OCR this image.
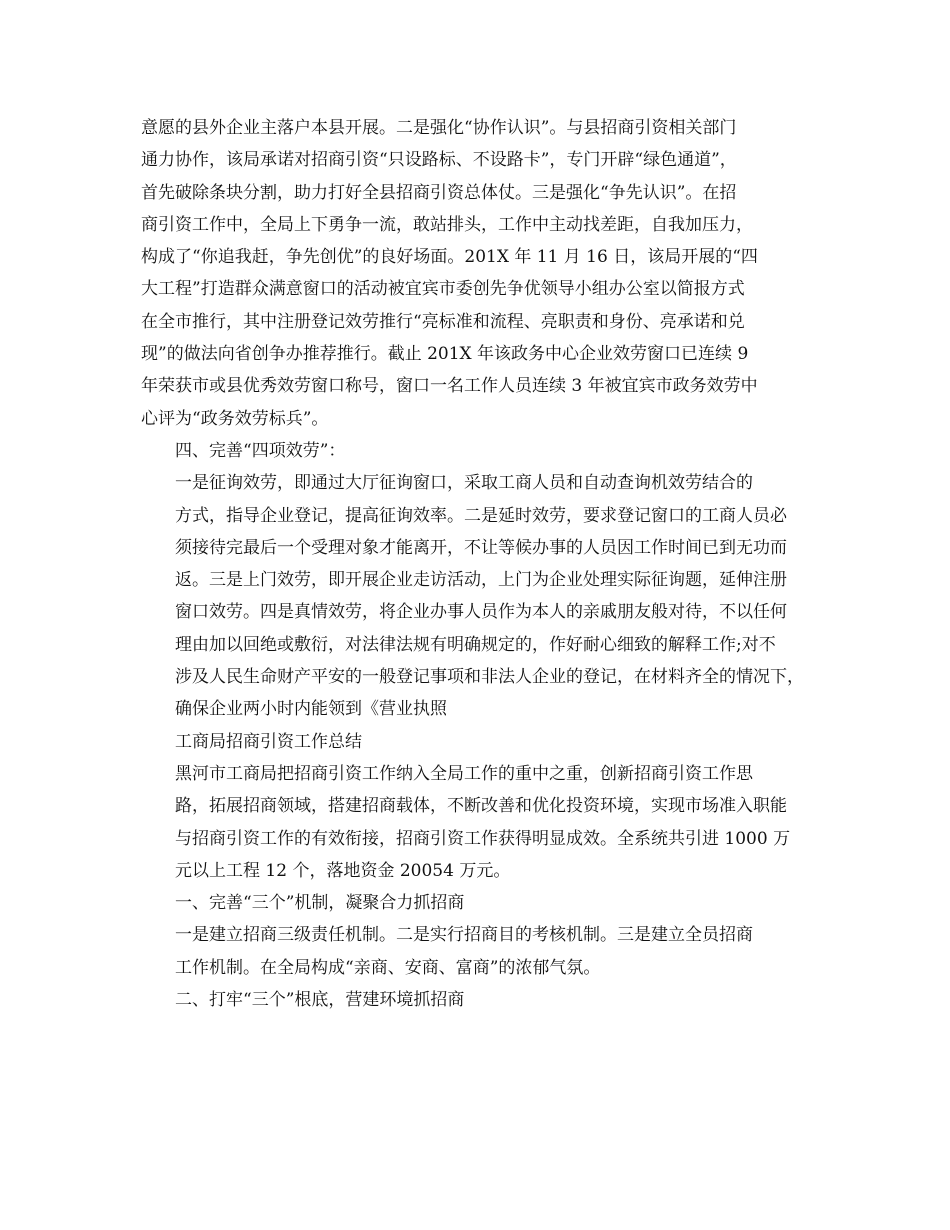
意愿的县外企业主落户本县开展。二是强化“协作认识”。与县招商引资相关部门
通力协作，该局承诺对招商引资“只设路标、不设路卡”，专门开辟“绿色通道”，
首先破除条块分割，助力打好全县招商引资总体仗。三是强化“争先认识”。在招
商引资工作中，全局上下勇争一流，敢站排头，工作中主动找差距，自我加压力，
构成了“你追我赶，争先创优”的良好场面。201X 年 11 月 16 日，该局开展的“四
大工程”打造群众满意窗口的活动被宜宾市委创先争优领导小组办公室以简报方式
在全市推行，其中注册登记效劳推行“亮标准和流程、亮职责和身份、亮承诺和兑
现”的做法向省创争办推荐推行。截止 201X 年该政务中心企业效劳窗口已连续 9
年荣获市或县优秀效劳窗口称号，窗口一名工作人员连续 3 年被宜宾市政务效劳中
心评为“政务效劳标兵”。
四、完善“四项效劳”：
一是征询效劳，即通过大厅征询窗口，采取工商人员和自动查询机效劳结合的
方式，指导企业登记，提高征询效率。二是延时效劳，要求登记窗口的工商人员必
须接待完最后一个受理对象才能离开，不让等候办事的人员因工作时间已到无功而
返。三是上门效劳，即开展企业走访活动，上门为企业处理实际征询题，延伸注册
窗口效劳。四是真情效劳，将企业办事人员作为本人的亲戚朋友般对待，不以任何
理由加以回绝或敷衍，对法律法规有明确规定的，作好耐心细致的解释工作;对不
涉及人民生命财产平安的一般登记事项和非法人企业的登记，在材料齐全的情况下，
确保企业两小时内能领到《营业执照
工商局招商引资工作总结
黑河市工商局把招商引资工作纳入全局工作的重中之重，创新招商引资工作思
路，拓展招商领域，搭建招商载体，不断改善和优化投资环境，实现市场准入职能
与招商引资工作的有效衔接，招商引资工作获得明显成效。全系统共引进 1000 万
元以上工程 12 个，落地资金 20054 万元。
一、完善“三个”机制，凝聚合力抓招商
一是建立招商三级责任机制。二是实行招商目的考核机制。三是建立全员招商
工作机制。在全局构成“亲商、安商、富商”的浓郁气氛。
二、打牢“三个”根底，营建环境抓招商
